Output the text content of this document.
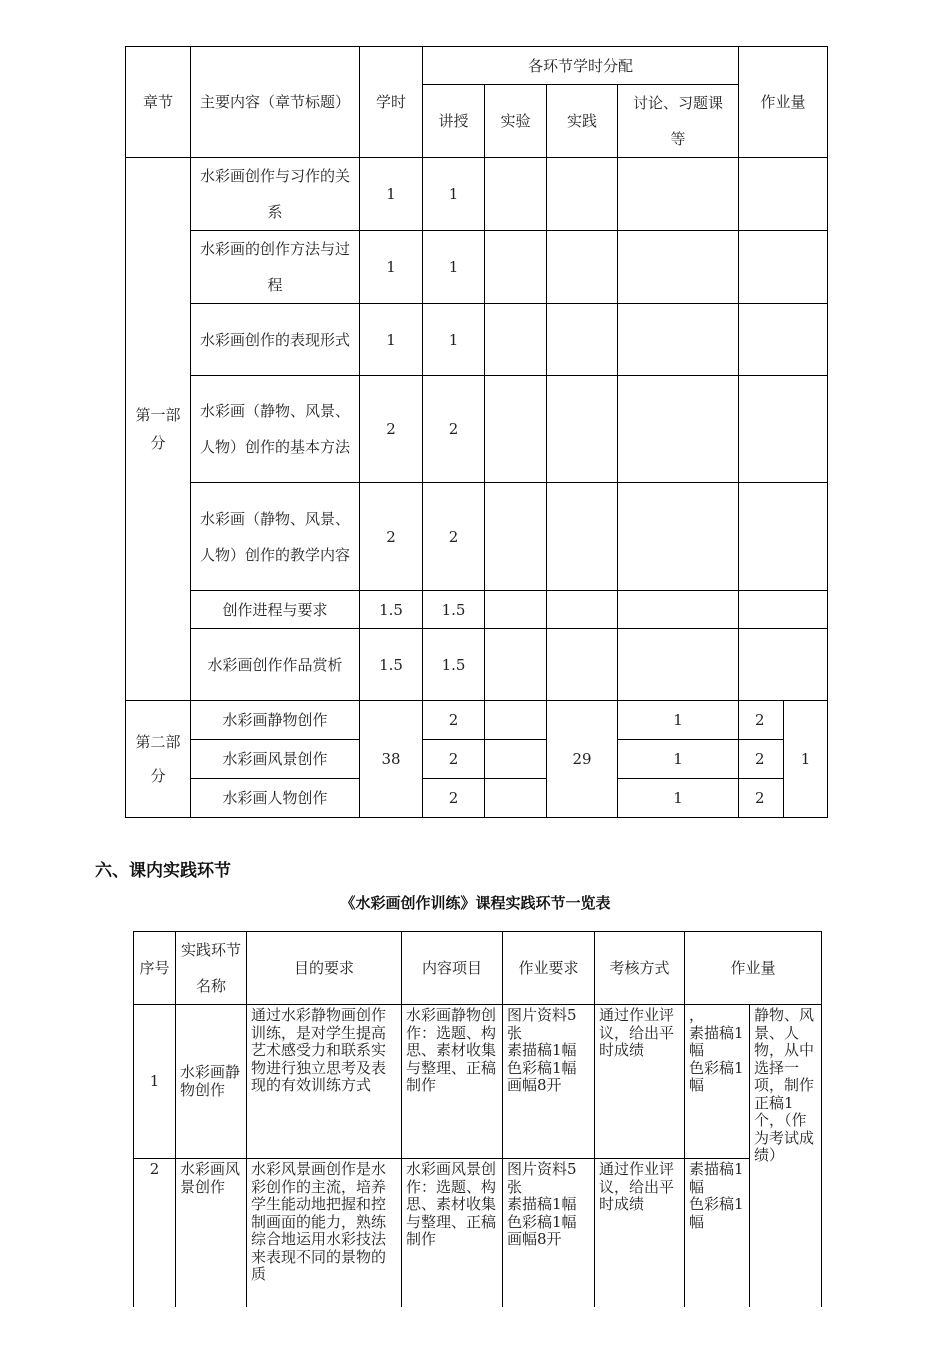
章节	主要内容（章节标题）	学时	各环节学时分配				作业量	
			讲授	实验	实践	讨论、习题课等		
第一部分	水彩画创作与习作的关系	1	1					
	水彩画的创作方法与过程	1	1					
	水彩画创作的表现形式	1	1					
	水彩画（静物、风景、人物）创作的基本方法	2	2					
	水彩画（静物、风景、人物）创作的教学内容	2	2					
	创作进程与要求	1.5	1.5					
	水彩画创作作品赏析	1.5	1.5					
第二部分	水彩画静物创作	38	2		29	1	2	1
	水彩画风景创作		2			1	2	
	水彩画人物创作		2			1	2	

六、课内实践环节

《水彩画创作训练》课程实践环节一览表

序号	实践环节名称	目的要求	内容项目	作业要求	考核方式	作业量	
1	水彩画静物创作	通过水彩静物画创作训练，是对学生提高艺术感受力和联系实物进行独立思考及表现的有效训练方式	水彩画静物创作：选题、构思、素材收集与整理、正稿制作	图片资料5张
素描稿1幅
色彩稿1幅
画幅8开	通过作业评议，给出平时成绩	，
素描稿1幅
色彩稿1幅	静物、风景、人物，从中选择一项，制作正稿1个，（作为考试成绩）
2	水彩画风景创作	水彩风景画创作是水彩创作的主流，培养学生能动地把握和控制画面的能力，熟练综合地运用水彩技法来表现不同的景物的质	水彩画风景创作：选题、构思、素材收集与整理、正稿制作	图片资料5张
素描稿1幅
色彩稿1幅
画幅8开	通过作业评议，给出平时成绩	素描稿1幅
色彩稿1幅	
